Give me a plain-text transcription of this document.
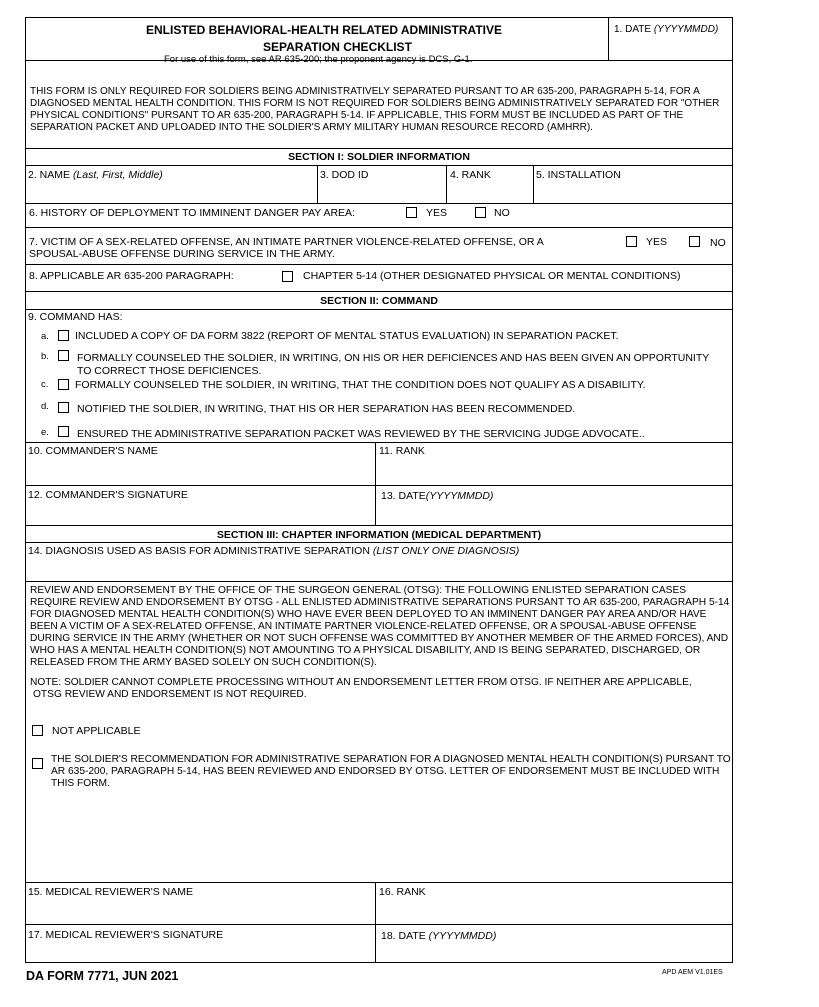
ENLISTED BEHAVIORAL-HEALTH RELATED ADMINISTRATIVE
SEPARATION CHECKLIST
For use of this form, see AR 635-200; the proponent agency is DCS, G-1.
1. DATE (YYYYMMDD)
THIS FORM IS ONLY REQUIRED FOR SOLDIERS BEING ADMINISTRATIVELY SEPARATED PURSANT TO AR 635-200, PARAGRAPH 5-14, FOR A DIAGNOSED MENTAL HEALTH CONDITION. THIS FORM IS NOT REQUIRED FOR SOLDIERS BEING ADMINISTRATIVELY SEPARATED FOR "OTHER PHYSICAL CONDITIONS" PURSANT TO AR 635-200, PARAGRAPH 5-14. IF APPLICABLE, THIS FORM MUST BE INCLUDED AS PART OF THE SEPARATION PACKET AND UPLOADED INTO THE SOLDIER'S ARMY MILITARY HUMAN RESOURCE RECORD (AMHRR).
SECTION I: SOLDIER INFORMATION
2. NAME (Last, First, Middle)	3. DOD ID	4. RANK	5. INSTALLATION
6. HISTORY OF DEPLOYMENT TO IMMINENT DANGER PAY AREA:	YES	NO
7. VICTIM OF A SEX-RELATED OFFENSE, AN INTIMATE PARTNER VIOLENCE-RELATED OFFENSE, OR A
SPOUSAL-ABUSE OFFENSE DURING SERVICE IN THE ARMY.
YES	NO
8. APPLICABLE AR 635-200 PARAGRAPH:	CHAPTER 5-14 (OTHER DESIGNATED PHYSICAL OR MENTAL CONDITIONS)
SECTION II: COMMAND
9. COMMAND HAS:
a. INCLUDED A COPY OF DA FORM 3822 (REPORT OF MENTAL STATUS EVALUATION) IN SEPARATION PACKET.
b.	FORMALLY COUNSELED THE SOLDIER, IN WRITING, ON HIS OR HER DEFICIENCES AND HAS BEEN GIVEN AN OPPORTUNITY
TO CORRECT THOSE DEFICIENCES.
c.	FORMALLY COUNSELED THE SOLDIER, IN WRITING, THAT THE CONDITION DOES NOT QUALIFY AS A DISABILITY.
d.	NOTIFIED THE SOLDIER, IN WRITING, THAT HIS OR HER SEPARATION HAS BEEN RECOMMENDED.
e.	ENSURED THE ADMINISTRATIVE SEPARATION PACKET WAS REVIEWED BY THE SERVICING JUDGE ADVOCATE..
10. COMMANDER'S NAME	11. RANK
12. COMMANDER'S SIGNATURE	13. DATE(YYYYMMDD)
SECTION III: CHAPTER INFORMATION (MEDICAL DEPARTMENT)
14. DIAGNOSIS USED AS BASIS FOR ADMINISTRATIVE SEPARATION (LIST ONLY ONE DIAGNOSIS)
REVIEW AND ENDORSEMENT BY THE OFFICE OF THE SURGEON GENERAL (OTSG): THE FOLLOWING ENLISTED SEPARATION CASES REQUIRE REVIEW AND ENDORSEMENT BY OTSG - ALL ENLISTED ADMINISTRATIVE SEPARATIONS PURSANT TO AR 635-200, PARAGRAPH 5-14 FOR DIAGNOSED MENTAL HEALTH CONDITION(S) WHO HAVE EVER BEEN DEPLOYED TO AN IMMINENT DANGER PAY AREA AND/OR HAVE BEEN A VICTIM OF A SEX-RELATED OFFENSE, AN INTIMATE PARTNER VIOLENCE-RELATED OFFENSE, OR A SPOUSAL-ABUSE OFFENSE DURING SERVICE IN THE ARMY (WHETHER OR NOT SUCH OFFENSE WAS COMMITTED BY ANOTHER MEMBER OF THE ARMED FORCES), AND WHO HAS A MENTAL HEALTH CONDITION(S) NOT AMOUNTING TO A PHYSICAL DISABILITY, AND IS BEING SEPARATED, DISCHARGED, OR RELEASED FROM THE ARMY BASED SOLELY ON SUCH CONDITION(S).
NOTE: SOLDIER CANNOT COMPLETE PROCESSING WITHOUT AN ENDORSEMENT LETTER FROM OTSG. IF NEITHER ARE APPLICABLE,
OTSG REVIEW AND ENDORSEMENT IS NOT REQUIRED.
NOT APPLICABLE
THE SOLDIER'S RECOMMENDATION FOR ADMINISTRATIVE SEPARATION FOR A DIAGNOSED MENTAL HEALTH CONDITION(S) PURSANT TO AR 635-200, PARAGRAPH 5-14, HAS BEEN REVIEWED AND ENDORSED BY OTSG. LETTER OF ENDORSEMENT MUST BE INCLUDED WITH THIS FORM.
15. MEDICAL REVIEWER'S NAME	16. RANK
17. MEDICAL REVIEWER'S SIGNATURE	18. DATE (YYYYMMDD)
DA FORM 7771, JUN 2021	APD AEM V1.01ES
